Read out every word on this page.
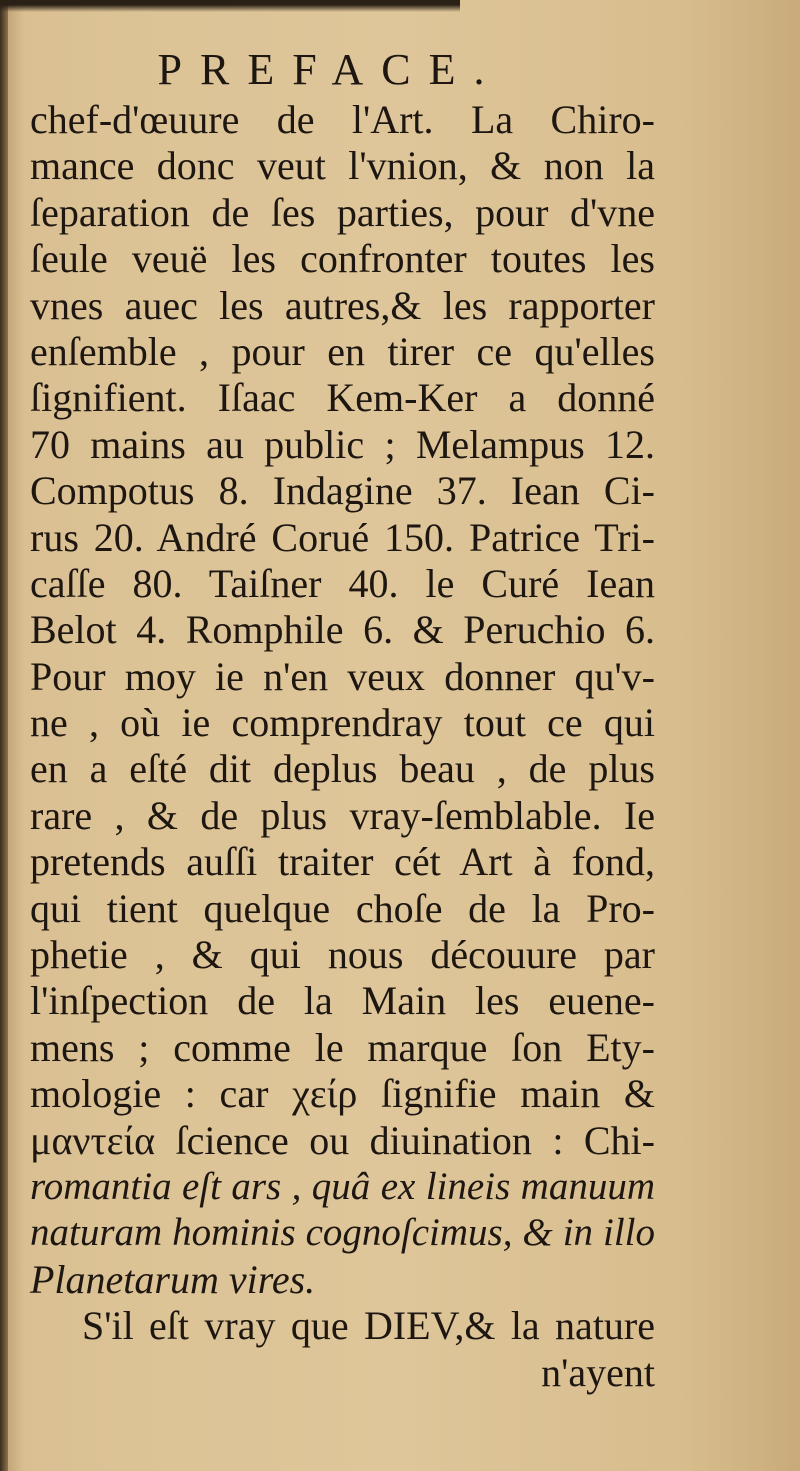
PREFACE.
chef-d'œuure de l'Art. La Chiro-
mance donc veut l'vnion, & non la
ſeparation de ſes parties, pour d'vne
ſeule veuë les confronter toutes les
vnes auec les autres,& les rapporter
enſemble , pour en tirer ce qu'elles
ſignifient. Iſaac Kem-Ker a donné
70 mains au public ; Melampus 12.
Compotus 8. Indagine 37. Iean Ci-
rus 20. André Corué 150. Patrice Tri-
caſſe 80. Taiſner 40. le Curé Iean
Belot 4. Romphile 6. & Peruchio 6.
Pour moy ie n'en veux donner qu'v-
ne , où ie comprendray tout ce qui
en a eſté dit deplus beau , de plus
rare , & de plus vray-ſemblable. Ie
pretends auſſi traiter cét Art à fond,
qui tient quelque choſe de la Pro-
phetie , & qui nous découure par
l'inſpection de la Main les euene-
mens ; comme le marque ſon Ety-
mologie : car χείρ ſignifie main &
μαντεία ſcience ou diuination : Chi-
romantia eſt ars , quâ ex lineis manuum
naturam hominis cognoſcimus, & in illo
Planetarum vires.
S'il eſt vray que DIEV,& la nature
n'ayent
